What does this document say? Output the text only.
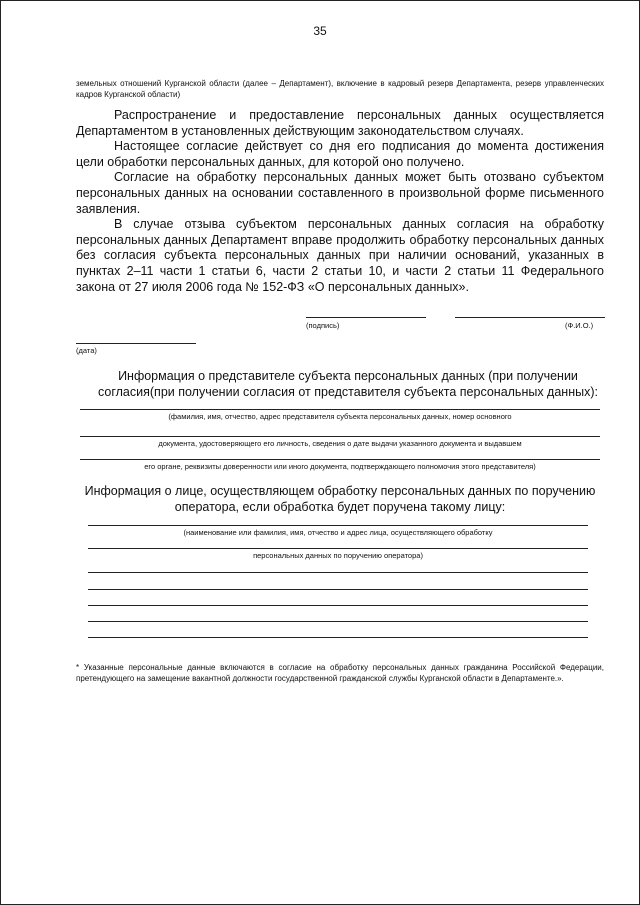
35
земельных отношений Курганской области (далее – Департамент), включение в кадровый резерв Департамента, резерв управленческих кадров Курганской области)

Распространение и предоставление персональных данных осуществляется Департаментом в установленных действующим законодательством случаях.

Настоящее согласие действует со дня его подписания до момента достижения цели обработки персональных данных, для которой оно получено.

Согласие на обработку персональных данных может быть отозвано субъектом персональных данных на основании составленного в произвольной форме письменного заявления.

В случае отзыва субъектом персональных данных согласия на обработку персональных данных Департамент вправе продолжить обработку персональных данных без согласия субъекта персональных данных при наличии оснований, указанных в пунктах 2–11 части 1 статьи 6, части 2 статьи 10, и части 2 статьи 11 Федерального закона от 27 июля 2006 года № 152-ФЗ «О персональных данных».

(подпись)	(Ф.И.О.)
(дата)
Информация о представителе субъекта персональных данных (при получении согласия(при получении согласия от представителя субъекта персональных данных):
(фамилия, имя, отчество, адрес представителя субъекта персональных данных, номер основного
документа, удостоверяющего его личность, сведения о дате выдачи указанного документа и выдавшем
его органе, реквизиты доверенности или иного документа, подтверждающего полномочия этого представителя)
Информация о лице, осуществляющем обработку персональных данных по поручению оператора, если обработка будет поручена такому лицу:
(наименование или фамилия, имя, отчество и адрес лица, осуществляющего обработку
персональных данных по поручению оператора)
* Указанные персональные данные включаются в согласие на обработку персональных данных гражданина Российской Федерации, претендующего на замещение вакантной должности государственной гражданской службы Курганской области в Департаменте.».
